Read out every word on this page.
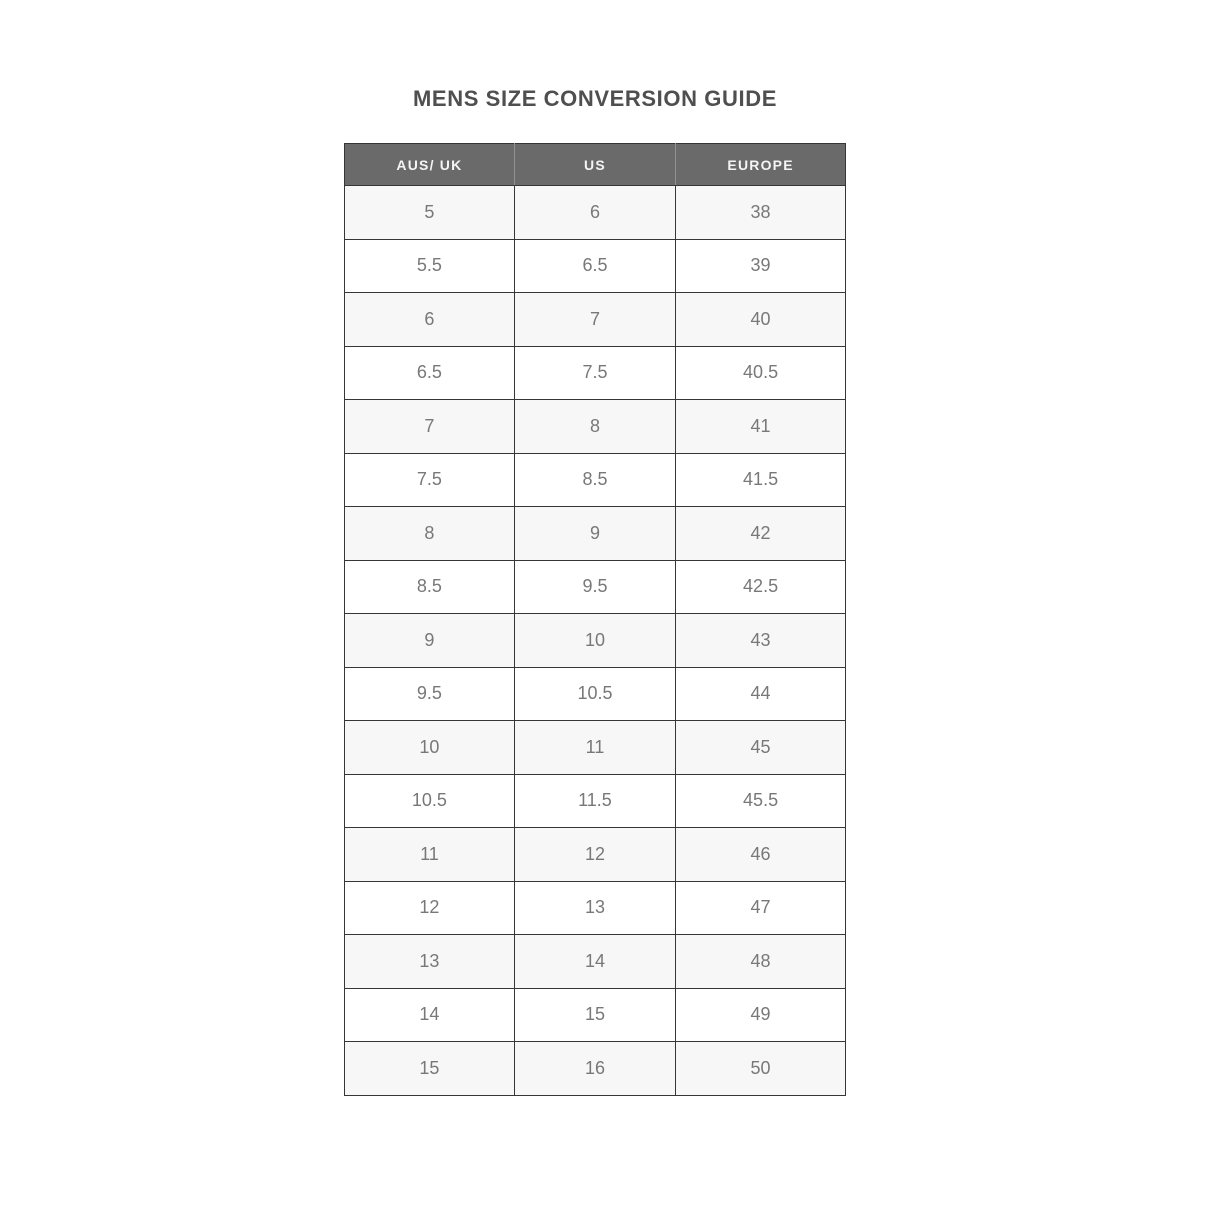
MENS SIZE CONVERSION GUIDE
AUS/ UK	US	EUROPE
5	6	38
5.5	6.5	39
6	7	40
6.5	7.5	40.5
7	8	41
7.5	8.5	41.5
8	9	42
8.5	9.5	42.5
9	10	43
9.5	10.5	44
10	11	45
10.5	11.5	45.5
11	12	46
12	13	47
13	14	48
14	15	49
15	16	50
